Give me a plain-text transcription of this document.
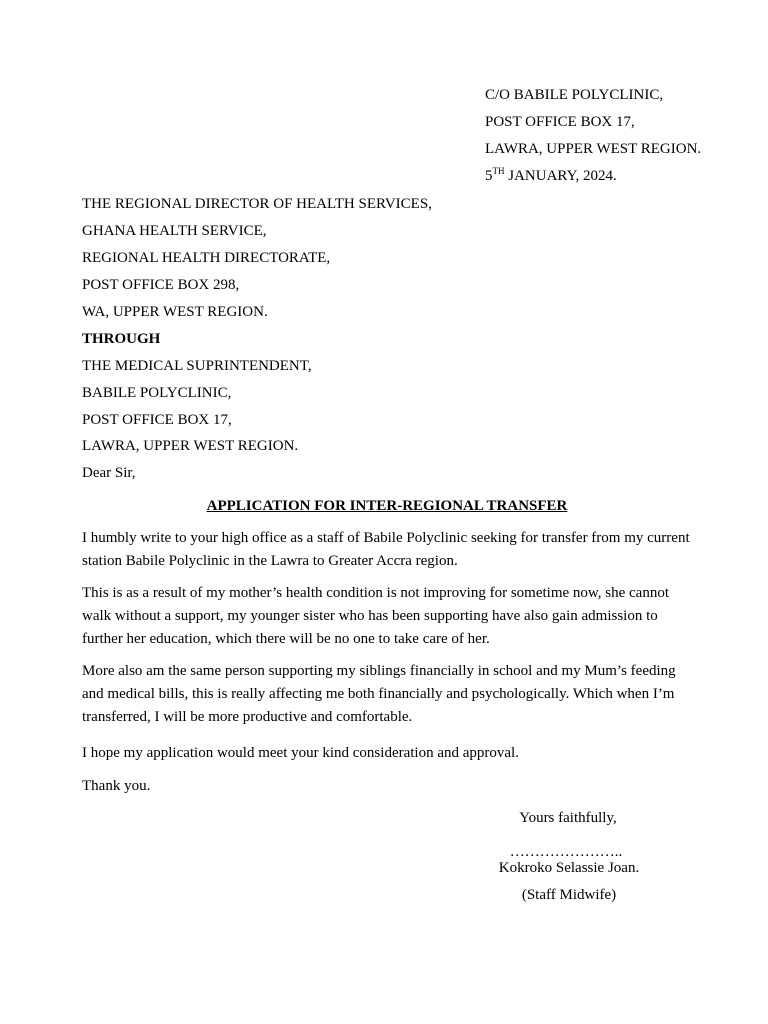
C/O BABILE POLYCLINIC,
POST OFFICE BOX 17,
LAWRA, UPPER WEST REGION.
5TH JANUARY, 2024.
THE REGIONAL DIRECTOR OF HEALTH SERVICES,
GHANA HEALTH SERVICE,
REGIONAL HEALTH DIRECTORATE,
POST OFFICE BOX 298,
WA, UPPER WEST REGION.
THROUGH
THE MEDICAL SUPRINTENDENT,
BABILE POLYCLINIC,
POST OFFICE BOX 17,
LAWRA, UPPER WEST REGION.
Dear Sir,
APPLICATION FOR INTER-REGIONAL TRANSFER
I humbly write to your high office as a staff of Babile Polyclinic seeking for transfer from my current station Babile Polyclinic in the Lawra to Greater Accra region.
This is as a result of my mother’s health condition is not improving for sometime now, she cannot walk without a support, my younger sister who has been supporting have also gain admission to further her education, which there will be no one to take care of her.
More also am the same person supporting my siblings financially in school and my Mum’s feeding and medical bills, this is really affecting me both financially and psychologically. Which when I’m transferred, I will be more productive and comfortable.
I hope my application would meet your kind consideration and approval.
Thank you.
Yours faithfully,
…………………..
Kokroko Selassie Joan.
(Staff Midwife)
